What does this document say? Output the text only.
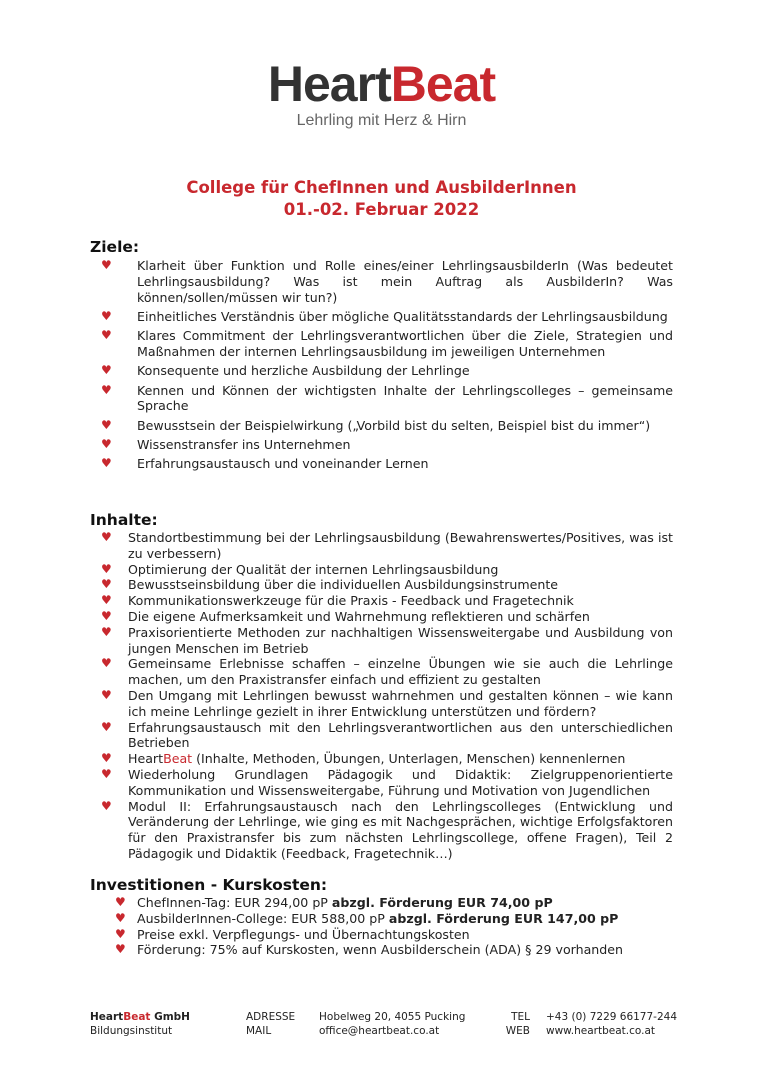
HeartBeat
Lehrling mit Herz & Hirn
College für ChefInnen und AusbilderInnen
01.-02. Februar 2022
Ziele:
♥ Klarheit über Funktion und Rolle eines/einer LehrlingsausbilderIn (Was bedeutet Lehrlingsausbildung? Was ist mein Auftrag als AusbilderIn? Was können/sollen/müssen wir tun?)
♥ Einheitliches Verständnis über mögliche Qualitätsstandards der Lehrlingsausbildung
♥ Klares Commitment der Lehrlingsverantwortlichen über die Ziele, Strategien und Maßnahmen der internen Lehrlingsausbildung im jeweiligen Unternehmen
♥ Konsequente und herzliche Ausbildung der Lehrlinge
♥ Kennen und Können der wichtigsten Inhalte der Lehrlingscolleges – gemeinsame Sprache
♥ Bewusstsein der Beispielwirkung („Vorbild bist du selten, Beispiel bist du immer“)
♥ Wissenstransfer ins Unternehmen
♥ Erfahrungsaustausch und voneinander Lernen
Inhalte:
♥ Standortbestimmung bei der Lehrlingsausbildung (Bewahrenswertes/Positives, was ist zu verbessern)
♥ Optimierung der Qualität der internen Lehrlingsausbildung
♥ Bewusstseinsbildung über die individuellen Ausbildungsinstrumente
♥ Kommunikationswerkzeuge für die Praxis - Feedback und Fragetechnik
♥ Die eigene Aufmerksamkeit und Wahrnehmung reflektieren und schärfen
♥ Praxisorientierte Methoden zur nachhaltigen Wissensweitergabe und Ausbildung von jungen Menschen im Betrieb
♥ Gemeinsame Erlebnisse schaffen – einzelne Übungen wie sie auch die Lehrlinge machen, um den Praxistransfer einfach und effizient zu gestalten
♥ Den Umgang mit Lehrlingen bewusst wahrnehmen und gestalten können – wie kann ich meine Lehrlinge gezielt in ihrer Entwicklung unterstützen und fördern?
♥ Erfahrungsaustausch mit den Lehrlingsverantwortlichen aus den unterschiedlichen Betrieben
♥ HeartBeat (Inhalte, Methoden, Übungen, Unterlagen, Menschen) kennenlernen
♥ Wiederholung Grundlagen Pädagogik und Didaktik: Zielgruppenorientierte Kommunikation und Wissensweitergabe, Führung und Motivation von Jugendlichen
♥ Modul II: Erfahrungsaustausch nach den Lehrlingscolleges (Entwicklung und Veränderung der Lehrlinge, wie ging es mit Nachgesprächen, wichtige Erfolgsfaktoren für den Praxistransfer bis zum nächsten Lehrlingscollege, offene Fragen), Teil 2 Pädagogik und Didaktik (Feedback, Fragetechnik…)
Investitionen - Kurskosten:
♥ ChefInnen-Tag: EUR 294,00 pP abzgl. Förderung EUR 74,00 pP
♥ AusbilderInnen-College: EUR 588,00 pP abzgl. Förderung EUR 147,00 pP
♥ Preise exkl. Verpflegungs- und Übernachtungskosten
♥ Förderung: 75% auf Kurskosten, wenn Ausbilderschein (ADA) § 29 vorhanden
HeartBeat GmbH
Bildungsinstitut
ADRESSE
MAIL
Hobelweg 20, 4055 Pucking
office@heartbeat.co.at
TEL
WEB
+43 (0) 7229 66177-244
www.heartbeat.co.at
